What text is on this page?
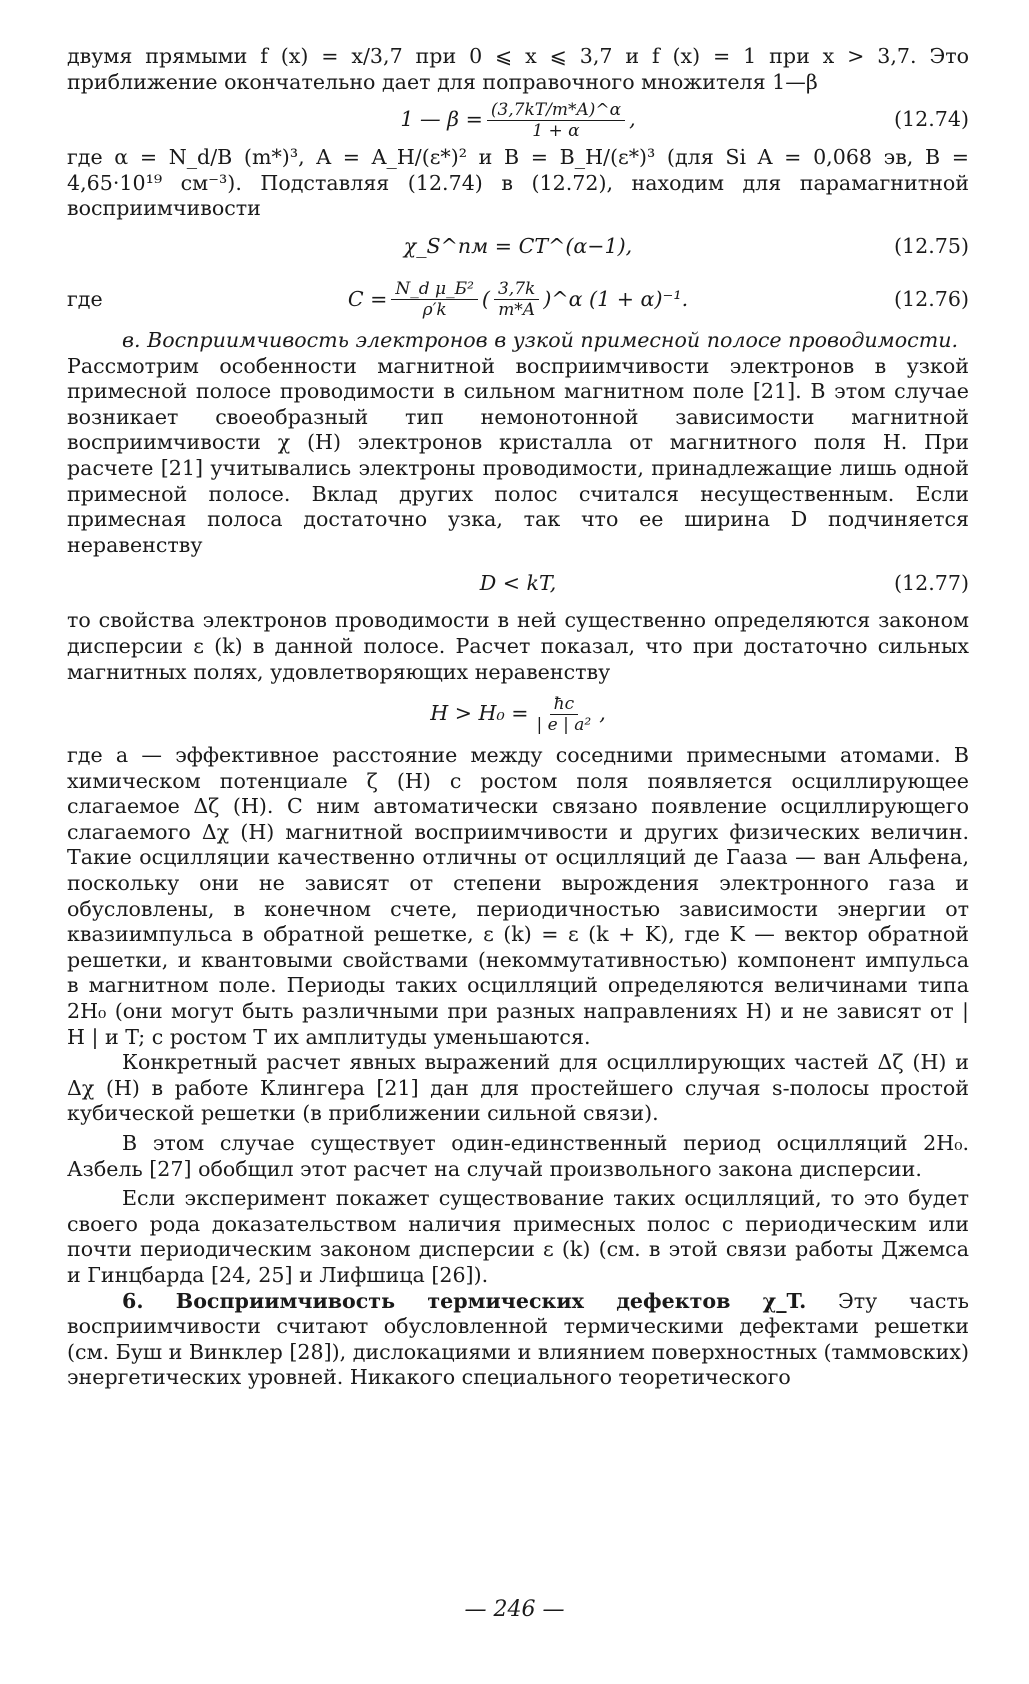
двумя прямыми f (x) = x/3,7 при 0 ⩽ x ⩽ 3,7 и f (x) = 1 при x > 3,7. Это приближение окончательно дает для поправочного множителя 1—β

1 — $\beta = \frac{(3,7kT/m*A)\^{}\alpha}{1 + \alpha}$ ,	(12.74)

где α = N_d/B (m*)³, A = A_H/(ε*)² и B = B_H/(ε*)³ (для Si A = 0,068 эв, B = 4,65·10¹⁹ см⁻³). Подставляя (12.74) в (12.72), находим для парамагнитной восприимчивости

χ_S^пм = CT^(α−1),	(12.75)
где	$C = \frac{\text{N\_d μ\_Б²}}{\rho'k}$ ( $\frac{3,7k}{m*A}$ )^α (1 + α)⁻¹.	(12.76)

в. Восприимчивость электронов в узкой примесной полосе проводимости.

Рассмотрим особенности магнитной восприимчивости электронов в узкой примесной полосе проводимости в сильном магнитном поле [21]. В этом случае возникает своеобразный тип немонотонной зависимости магнитной восприимчивости χ (H) электронов кристалла от магнитного поля H. При расчете [21] учитывались электроны проводимости, принадлежащие лишь одной примесной полосе. Вклад других полос считался несущественным. Если примесная полоса достаточно узка, так что ее ширина D подчиняется неравенству

D < kT,	(12.77)

то свойства электронов проводимости в ней существенно определяются законом дисперсии ε (k) в данной полосе. Расчет показал, что при достаточно сильных магнитных полях, удовлетворяющих неравенству

$H > H_0 = \frac{ħc}{\text{| e | a²}}$ ,

где a — эффективное расстояние между соседними примесными атомами. В химическом потенциале ζ (H) с ростом поля появляется осциллирующее слагаемое Δζ (H). С ним автоматически связано появление осциллирующего слагаемого Δχ (H) магнитной восприимчивости и других физических величин. Такие осцилляции качественно отличны от осцилляций де Гааза — ван Альфена, поскольку они не зависят от степени вырождения электронного газа и обусловлены, в конечном счете, периодичностью зависимости энергии от квазиимпульса в обратной решетке, ε (k) = ε (k + K), где K — вектор обратной решетки, и квантовыми свойствами (некоммутативностью) компонент импульса в магнитном поле. Периоды таких осцилляций определяются величинами типа 2H₀ (они могут быть различными при разных направлениях H) и не зависят от | H | и T; с ростом T их амплитуды уменьшаются.

Конкретный расчет явных выражений для осциллирующих частей Δζ (H) и Δχ (H) в работе Клингера [21] дан для простейшего случая s-полосы простой кубической решетки (в приближении сильной связи).

В этом случае существует один-единственный период осцилляций 2H₀. Азбель [27] обобщил этот расчет на случай произвольного закона дисперсии.

Если эксперимент покажет существование таких осцилляций, то это будет своего рода доказательством наличия примесных полос с периодическим или почти периодическим законом дисперсии ε (k) (см. в этой связи работы Джемса и Гинцбарда [24, 25] и Лифшица [26]).

6. Восприимчивость термических дефектов χ_T. Эту часть восприимчивости считают обусловленной термическими дефектами решетки (см. Буш и Винклер [28]), дислокациями и влиянием поверхностных (таммовских) энергетических уровней. Никакого специального теоретического

— 246 —
